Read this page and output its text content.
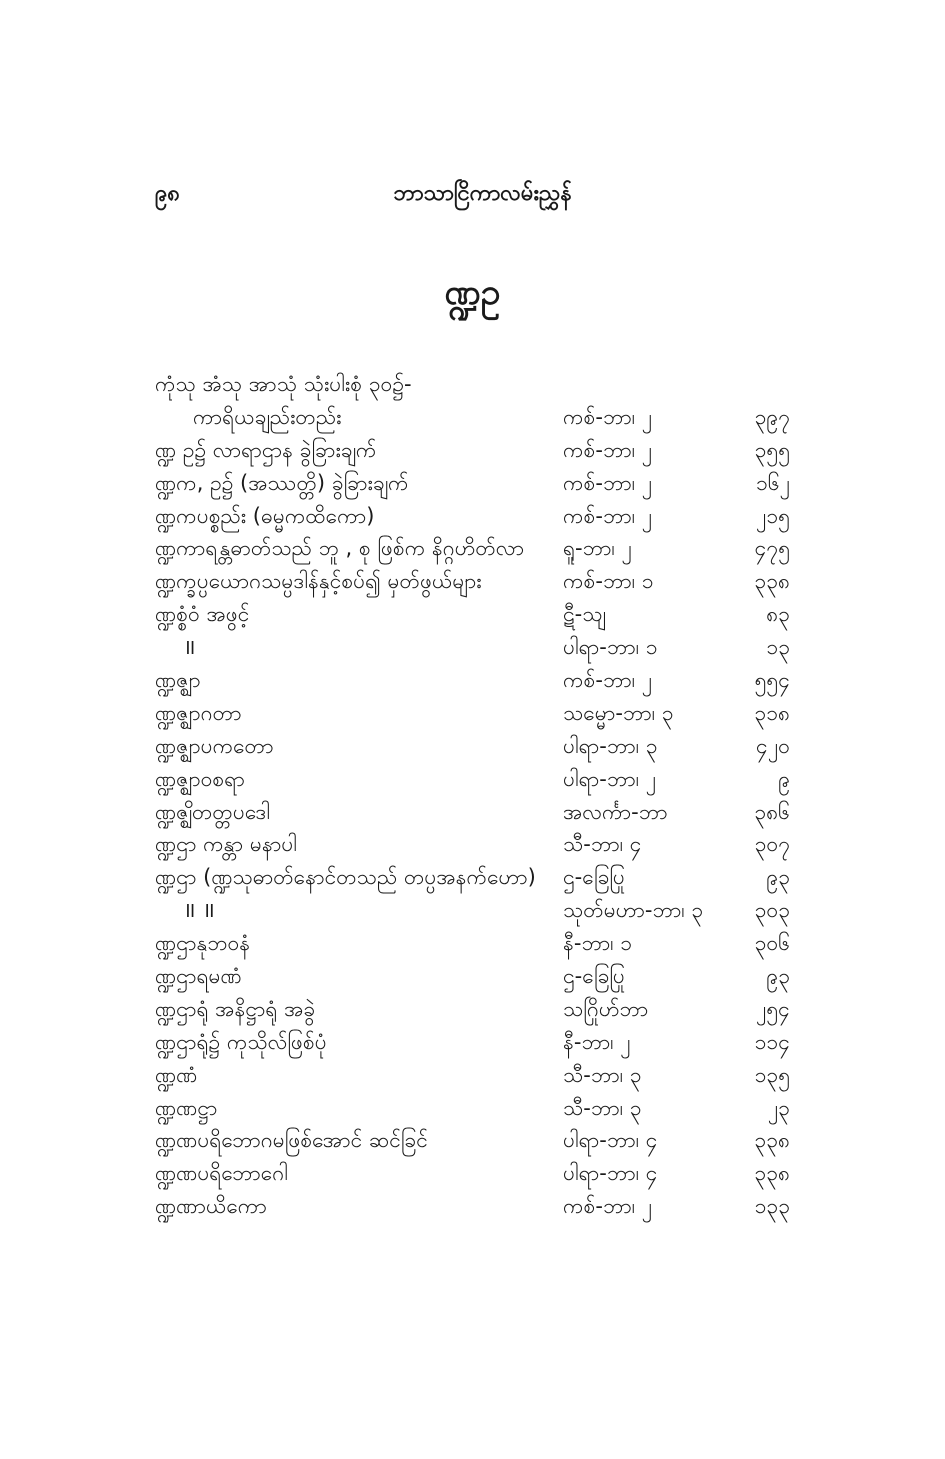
၉၈	ဘာသာငြိကာလမ်းညွှန်
ဏ္ဍဥ
ကုံသု အံသု အာသုံ သုံးပါးစုံ ၃၀၌-
ကာရိယချည်းတည်း	ကစ်-ဘာ၊ ၂	၃၉၇
ဏ္ဍ ဥ၌ လာရာဌာန ခွဲခြားချက်	ကစ်-ဘာ၊ ၂	၃၅၅
ဏ္ဍက, ဥ၌ (အဿတ္တိ) ခွဲခြားချက်	ကစ်-ဘာ၊ ၂	၁၆၂
ဏ္ဍကပစ္စည်း (ဓမ္မကထိကော)	ကစ်-ဘာ၊ ၂	၂၁၅
ဏ္ဍကာရန္တဓာတ်သည် ဘူ , စု ဖြစ်က နိဂ္ဂဟိတ်လာ ရူ-ဘာ၊ ၂	၄၇၅
ဏ္ဍက္ခပ္ပယောဂသမ္ပဒါန်နှင့်စပ်၍ မှတ်ဖွယ်များ	ကစ်-ဘာ၊ ၁	၃၃၈
ဏ္ဍစ္စံဝံ အဖွင့်	ဋီ-သျ	၈၃
॥	ပါရာ-ဘာ၊ ၁	၁၃
ဏ္ဍဇ္ဈာ	ကစ်-ဘာ၊ ၂	၅၅၄
ဏ္ဍဇ္ဈာဂတာ	သမ္မော-ဘာ၊ ၃	၃၁၈
ဏ္ဍဇ္ဈာပကတော	ပါရာ-ဘာ၊ ၃	၄၂၀
ဏ္ဍဇ္ဈာဝစရာ	ပါရာ-ဘာ၊ ၂	၉
ဏ္ဍဇ္ဈိတတ္တပဒေါ	အလင်္ကာ-ဘာ	၃၈၆
ဏ္ဍဌာ ကန္တာ မနာပါ	သီ-ဘာ၊ ၄	၃၀၇
ဏ္ဍဌာ (ဏ္ဍသုဓာတ်နောင်တသည် တပ္ပအနက်ဟော) ဌ-ခြေပြု	၉၃
॥ ॥	သုတ်မဟာ-ဘာ၊ ၃ ၃၀၃
ဏ္ဍဌာနုဘဝနံ	နီ-ဘာ၊ ၁	၃၀၆
ဏ္ဍဌာရမဏံ	ဌ-ခြေပြု	၉၃
ဏ္ဍဌာရုံ အနိဋ္ဌာရုံ အခွဲ	သဂြိုဟ်ဘာ	၂၅၄
ဏ္ဍဌာရုံ၌ ကုသိုလ်ဖြစ်ပုံ	နီ-ဘာ၊ ၂	၁၁၄
ဏ္ဍဏံ	သီ-ဘာ၊ ၃	၁၃၅
ဏ္ဍဏဋ္ဌာ	သီ-ဘာ၊ ၃	၂၃
ဏ္ဍဏပရိဘောဂမဖြစ်အောင် ဆင်ခြင်	ပါရာ-ဘာ၊ ၄	၃၃၈
ဏ္ဍဏပရိဘောဂေါ	ပါရာ-ဘာ၊ ၄	၃၃၈
ဏ္ဍဏာယိကော	ကစ်-ဘာ၊ ၂	၁၃၃
